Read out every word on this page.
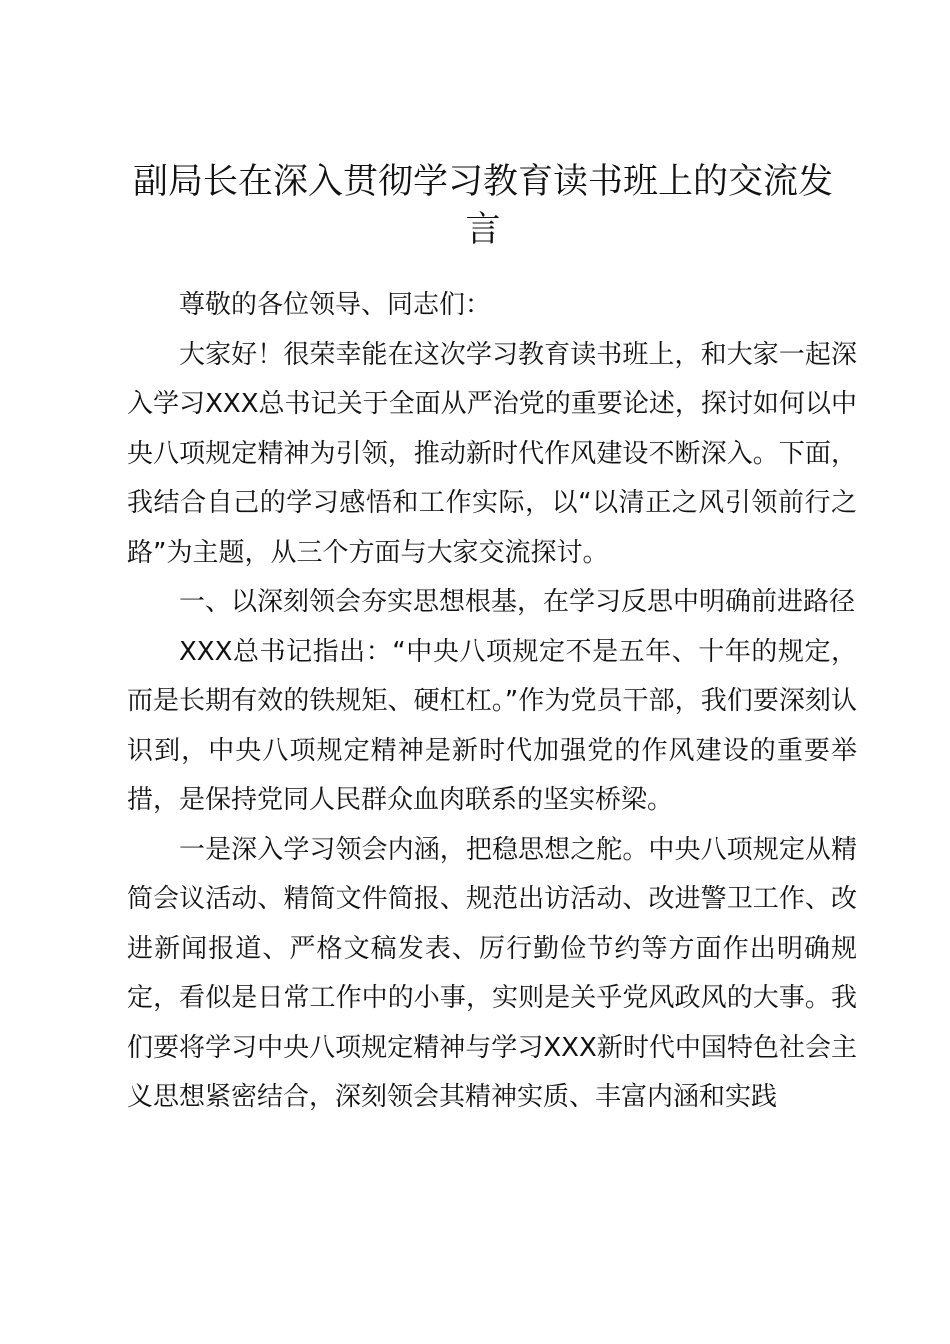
副局长在深入贯彻学习教育读书班上的交流发言

尊敬的各位领导、同志们：

大家好！很荣幸能在这次学习教育读书班上，和大家一起深入学习XXX总书记关于全面从严治党的重要论述，探讨如何以中央八项规定精神为引领，推动新时代作风建设不断深入。下面，我结合自己的学习感悟和工作实际，以“以清正之风引领前行之路”为主题，从三个方面与大家交流探讨。

一、以深刻领会夯实思想根基，在学习反思中明确前进路径

XXX总书记指出：“中央八项规定不是五年、十年的规定，而是长期有效的铁规矩、硬杠杠。”作为党员干部，我们要深刻认识到，中央八项规定精神是新时代加强党的作风建设的重要举措，是保持党同人民群众血肉联系的坚实桥梁。

一是深入学习领会内涵，把稳思想之舵。中央八项规定从精简会议活动、精简文件简报、规范出访活动、改进警卫工作、改进新闻报道、严格文稿发表、厉行勤俭节约等方面作出明确规定，看似是日常工作中的小事，实则是关乎党风政风的大事。我们要将学习中央八项规定精神与学习XXX新时代中国特色社会主义思想紧密结合，深刻领会其精神实质、丰富内涵和实践
